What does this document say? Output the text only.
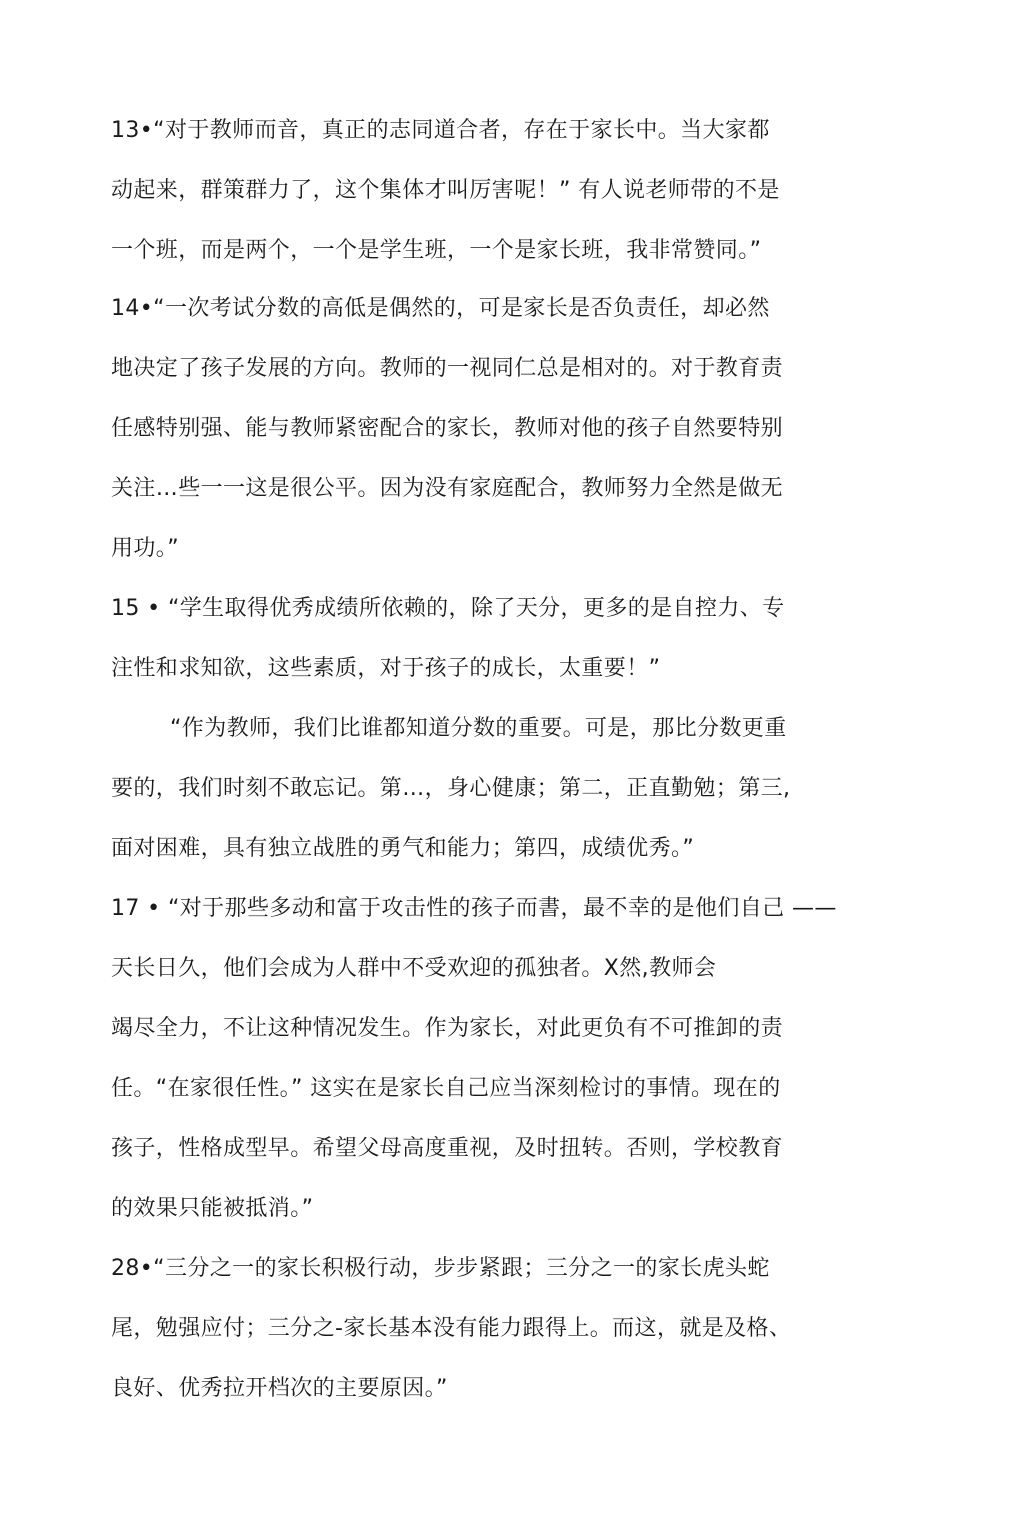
13•“对于教师而音，真正的志同道合者，存在于家长中。当大家都

动起来，群策群力了，这个集体才叫厉害呢！” 有人说老师带的不是

一个班，而是两个，一个是学生班，一个是家长班，我非常赞同。”

14•“一次考试分数的高低是偶然的，可是家长是否负责任，却必然

地决定了孩子发展的方向。教师的一视同仁总是相对的。对于教育责

任感特别强、能与教师紧密配合的家长，教师对他的孩子自然要特别

关注…些一一这是很公平。因为没有家庭配合，教师努力全然是做无

用功。”

15 • “学生取得优秀成绩所依赖的，除了天分，更多的是自控力、专

注性和求知欲，这些素质，对于孩子的成长，太重要！”

“作为教师，我们比谁都知道分数的重要。可是，那比分数更重

要的，我们时刻不敢忘记。第…，身心健康；第二，正直勤勉；第三,

面对困难，具有独立战胜的勇气和能力；第四，成绩优秀。”

17 • “对于那些多动和富于攻击性的孩子而書，最不幸的是他们自己 ——

天长日久，他们会成为人群中不受欢迎的孤独者。X然,教师会

竭尽全力，不让这种情况发生。作为家长，对此更负有不可推卸的责

任。“在家很任性。” 这实在是家长自己应当深刻检讨的事情。现在的

孩子，性格成型早。希望父母高度重视，及时扭转。否则，学校教育

的效果只能被抵消。”

28•“三分之一的家长积极行动，步步紧跟；三分之一的家长虎头蛇

尾，勉强应付；三分之-家长基本没有能力跟得上。而这，就是及格、

良好、优秀拉开档次的主要原因。”
